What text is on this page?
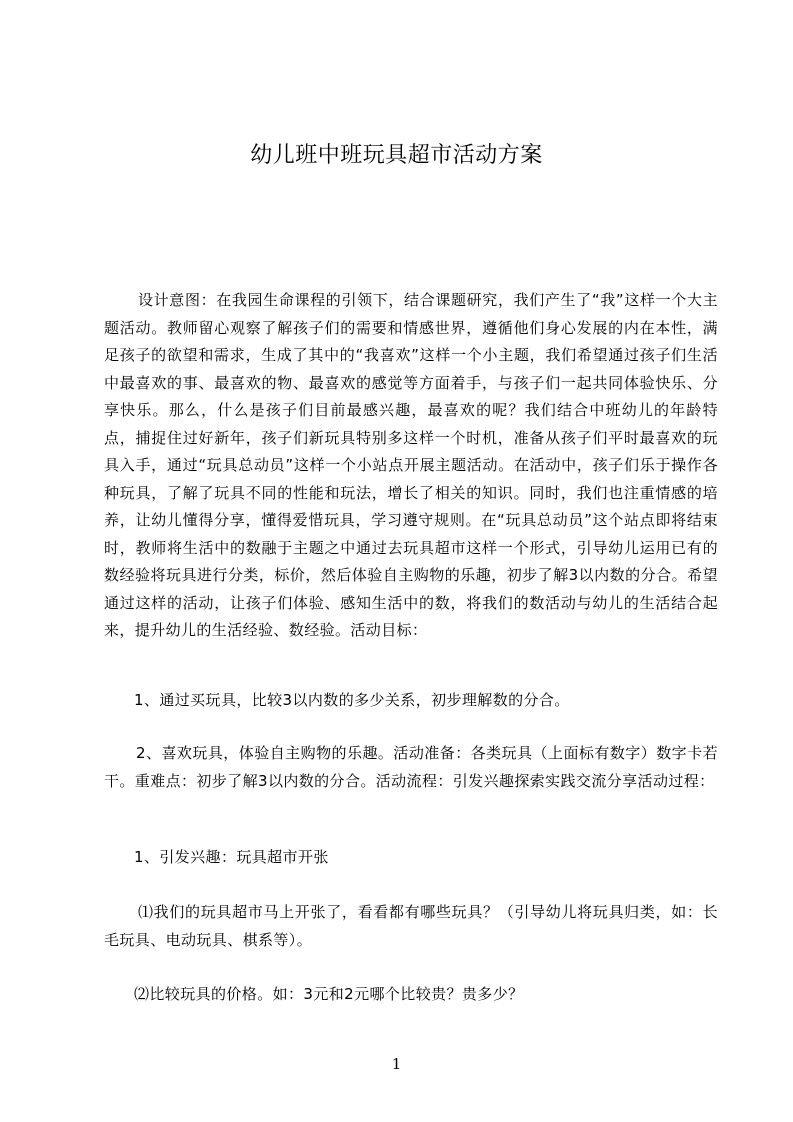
幼儿班中班玩具超市活动方案

设计意图：在我园生命课程的引领下，结合课题研究，我们产生了“我”这样一个大主题活动。教师留心观察了解孩子们的需要和情感世界，遵循他们身心发展的内在本性，满足孩子的欲望和需求，生成了其中的“我喜欢”这样一个小主题，我们希望通过孩子们生活中最喜欢的事、最喜欢的物、最喜欢的感觉等方面着手，与孩子们一起共同体验快乐、分享快乐。那么，什么是孩子们目前最感兴趣，最喜欢的呢？我们结合中班幼儿的年龄特点，捕捉住过好新年，孩子们新玩具特别多这样一个时机，准备从孩子们平时最喜欢的玩具入手，通过“玩具总动员”这样一个小站点开展主题活动。在活动中，孩子们乐于操作各种玩具，了解了玩具不同的性能和玩法，增长了相关的知识。同时，我们也注重情感的培养，让幼儿懂得分享，懂得爱惜玩具，学习遵守规则。在“玩具总动员”这个站点即将结束时，教师将生活中的数融于主题之中通过去玩具超市这样一个形式，引导幼儿运用已有的数经验将玩具进行分类，标价，然后体验自主购物的乐趣，初步了解3以内数的分合。希望通过这样的活动，让孩子们体验、感知生活中的数，将我们的数活动与幼儿的生活结合起来，提升幼儿的生活经验、数经验。活动目标：

1、通过买玩具，比较3以内数的多少关系，初步理解数的分合。

2、喜欢玩具，体验自主购物的乐趣。活动准备：各类玩具（上面标有数字）数字卡若干。重难点：初步了解3以内数的分合。活动流程：引发兴趣探索实践交流分享活动过程：

1、引发兴趣：玩具超市开张

⑴我们的玩具超市马上开张了，看看都有哪些玩具？（引导幼儿将玩具归类，如：长毛玩具、电动玩具、棋系等）。

⑵比较玩具的价格。如：3元和2元哪个比较贵？贵多少？

1
